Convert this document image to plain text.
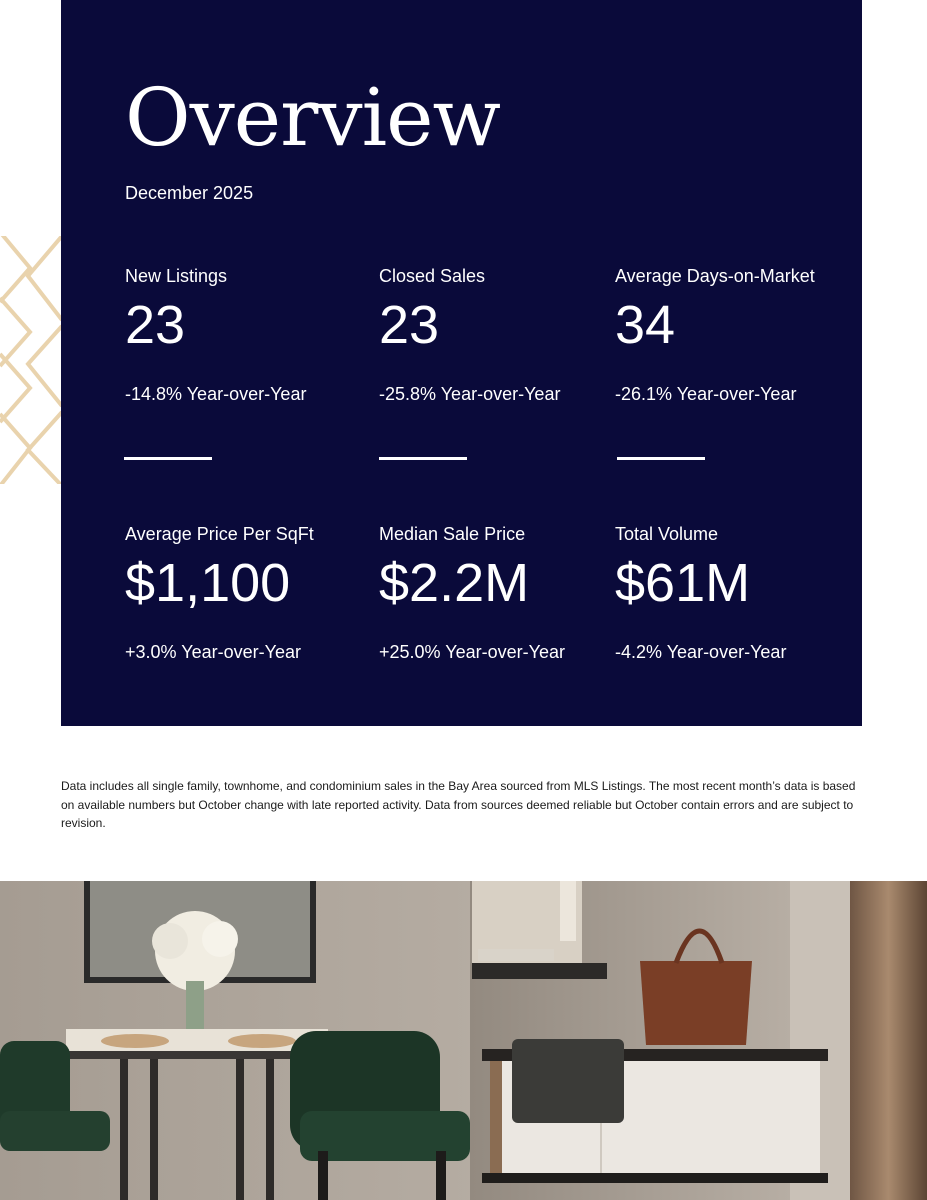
Overview
December 2025
New Listings
23
-14.8% Year-over-Year
Closed Sales
23
-25.8% Year-over-Year
Average Days-on-Market
34
-26.1% Year-over-Year
Average Price Per SqFt
$1,100
+3.0% Year-over-Year
Median Sale Price
$2.2M
+25.0% Year-over-Year
Total Volume
$61M
-4.2% Year-over-Year

Data includes all single family, townhome, and condominium sales in the Bay Area sourced from MLS Listings. The most recent month’s data is based on available numbers but October change with late reported activity. Data from sources deemed reliable but October contain errors and are subject to revision.
